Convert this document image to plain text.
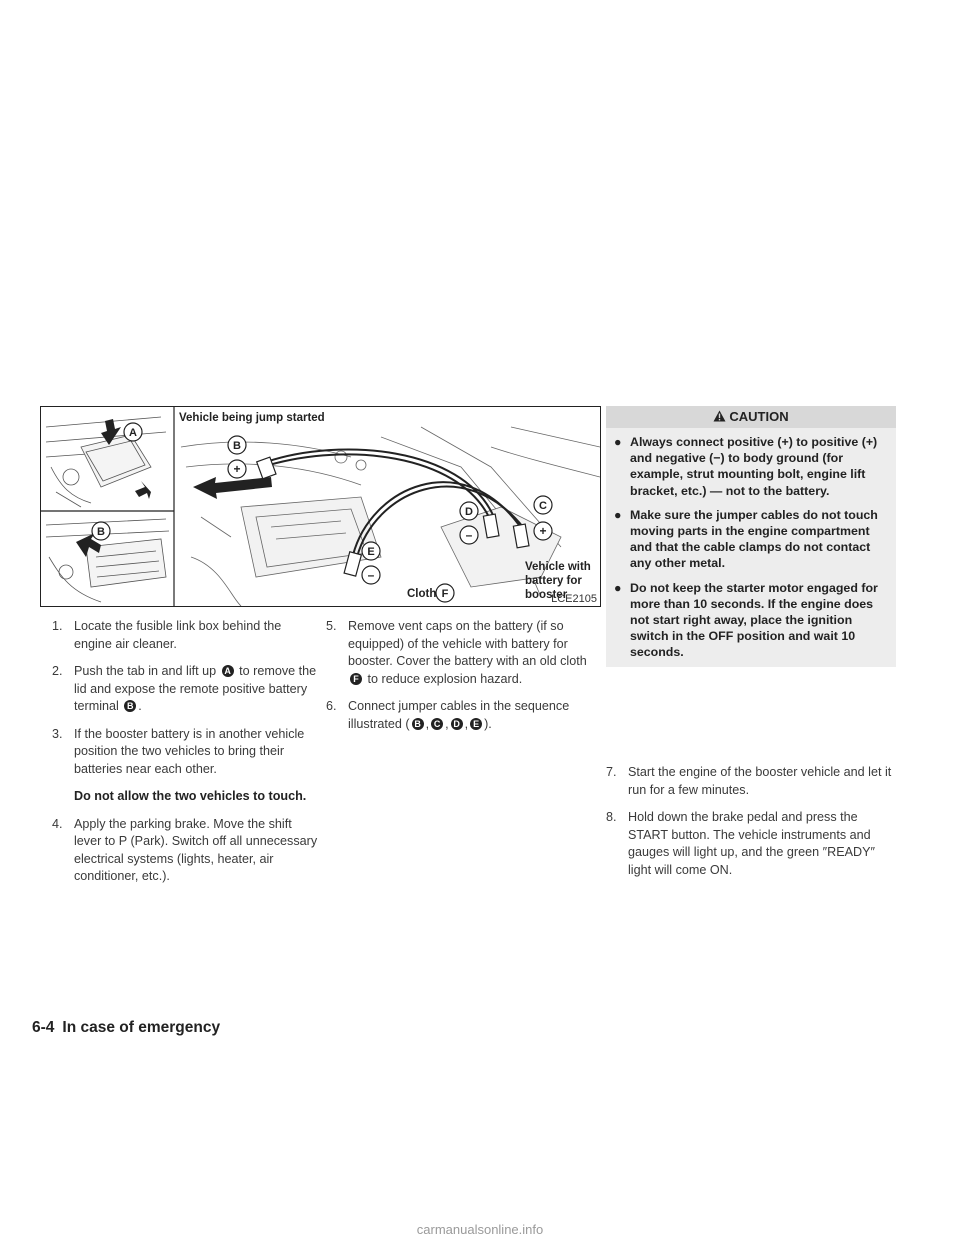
A
B
Vehicle being jump started
B
+
E
–
D
–
C
+
F
Cloth
Vehicle with
battery for
booster
LCE2105
1. Locate the fusible link box behind the engine air cleaner.

2. Push the tab in and lift up A to remove the lid and expose the remote positive battery terminal B .

3. If the booster battery is in another vehicle position the two vehicles to bring their batteries near each other.

Do not allow the two vehicles to touch.

4. Apply the parking brake. Move the shift lever to P (Park). Switch off all unnecessary electrical systems (lights, heater, air conditioner, etc.).

5. Remove vent caps on the battery (if so equipped) of the vehicle with battery for booster. Cover the battery with an old cloth F to reduce explosion hazard.

6. Connect jumper cables in the sequence illustrated ( B , C , D , E ).

CAUTION
● Always connect positive (+) to positive (+) and negative (−) to body ground (for example, strut mounting bolt, engine lift bracket, etc.) — not to the battery.
● Make sure the jumper cables do not touch moving parts in the engine compartment and that the cable clamps do not contact any other metal.
● Do not keep the starter motor engaged for more than 10 seconds. If the engine does not start right away, place the ignition switch in the OFF position and wait 10 seconds.
7. Start the engine of the booster vehicle and let it run for a few minutes.

8. Hold down the brake pedal and press the START button. The vehicle instruments and gauges will light up, and the green ″READY″ light will come ON.

6-4 In case of emergency
carmanualsonline.info
